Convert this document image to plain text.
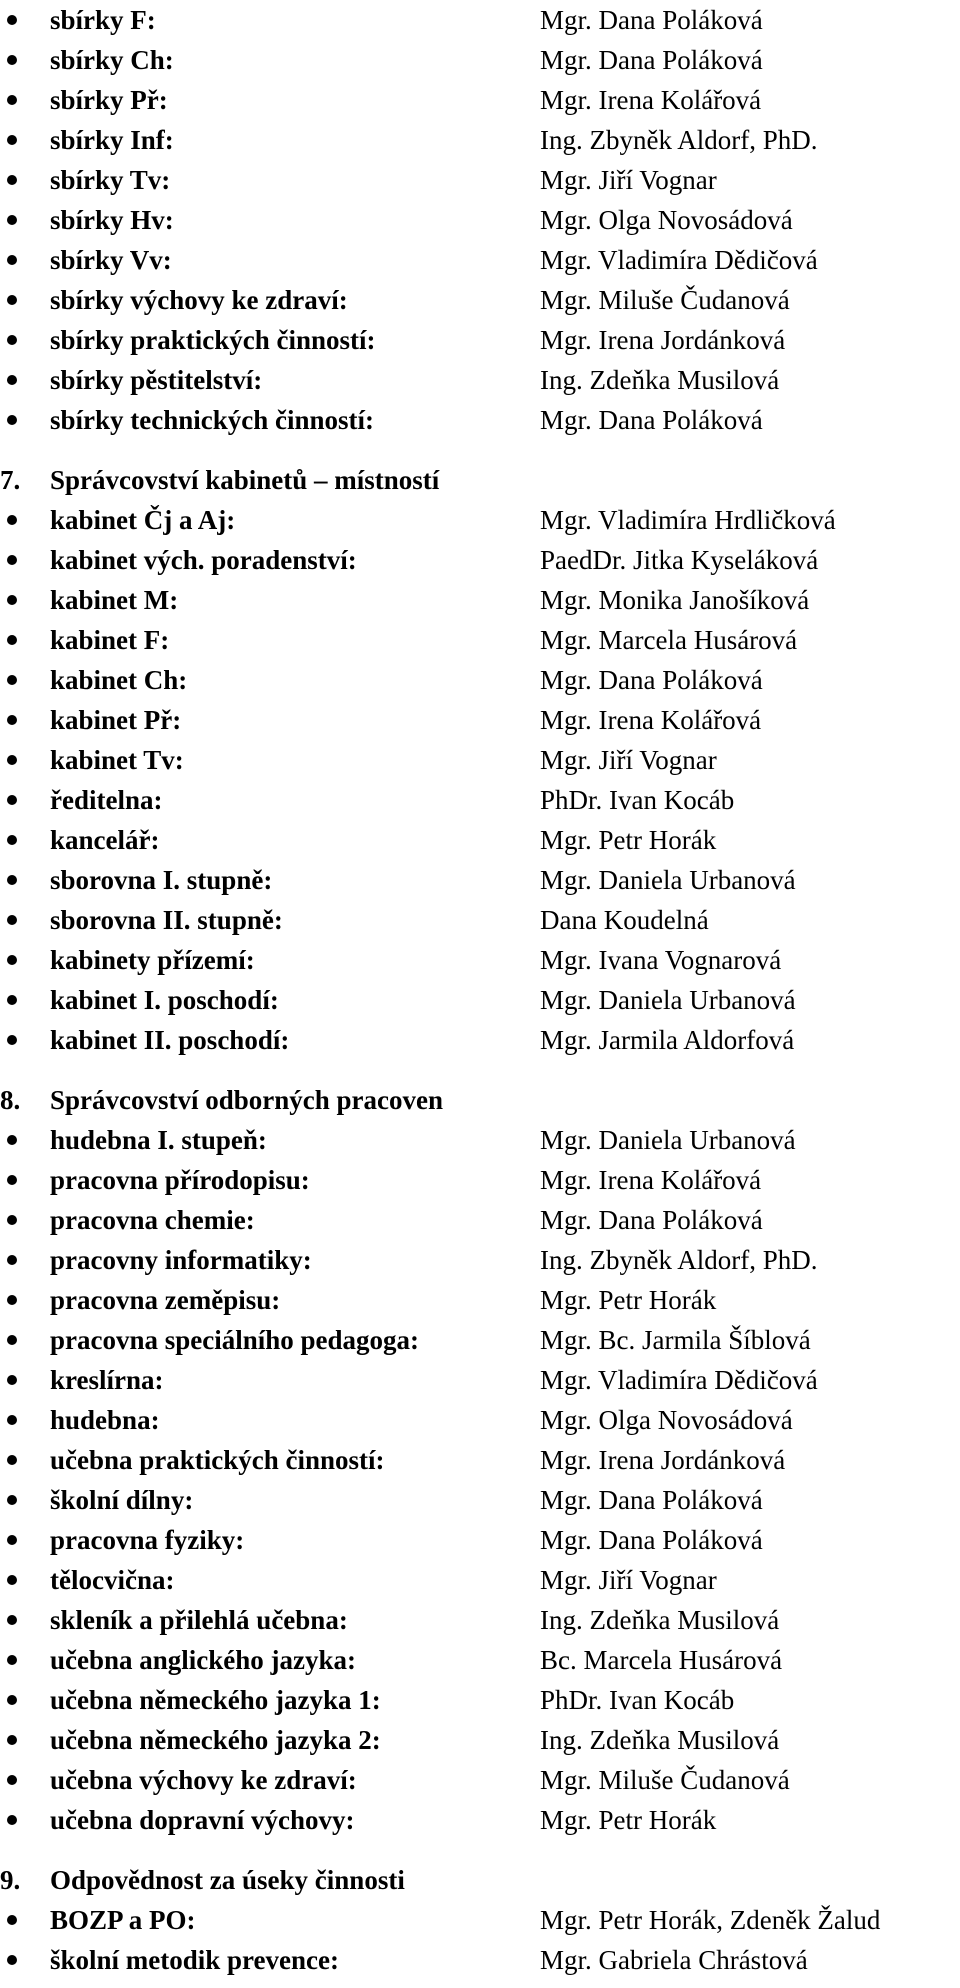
sbírky F:	Mgr. Dana Poláková
sbírky Ch:	Mgr. Dana Poláková
sbírky Př:	Mgr. Irena Kolářová
sbírky Inf:	Ing. Zbyněk Aldorf, PhD.
sbírky Tv:	Mgr. Jiří Vognar
sbírky Hv:	Mgr. Olga Novosádová
sbírky Vv:	Mgr. Vladimíra Dědičová
sbírky výchovy ke zdraví:	Mgr. Miluše Čudanová
sbírky praktických činností:	Mgr. Irena Jordánková
sbírky pěstitelství:	Ing. Zdeňka Musilová
sbírky technických činností:	Mgr. Dana Poláková
7. Správcovství kabinetů – místností
kabinet Čj a Aj:	Mgr. Vladimíra Hrdličková
kabinet vých. poradenství:	PaedDr. Jitka Kyseláková
kabinet M:	Mgr. Monika Janošíková
kabinet F:	Mgr. Marcela Husárová
kabinet Ch:	Mgr. Dana Poláková
kabinet Př:	Mgr. Irena Kolářová
kabinet Tv:	Mgr. Jiří Vognar
ředitelna:	PhDr. Ivan Kocáb
kancelář:	Mgr. Petr Horák
sborovna I. stupně:	Mgr. Daniela Urbanová
sborovna II. stupně:	Dana Koudelná
kabinety přízemí:	Mgr. Ivana Vognarová
kabinet I. poschodí:	Mgr. Daniela Urbanová
kabinet II. poschodí:	Mgr. Jarmila Aldorfová
8. Správcovství odborných pracoven
hudebna I. stupeň:	Mgr. Daniela Urbanová
pracovna přírodopisu:	Mgr. Irena Kolářová
pracovna chemie:	Mgr. Dana Poláková
pracovny informatiky:	Ing. Zbyněk Aldorf, PhD.
pracovna zeměpisu:	Mgr. Petr Horák
pracovna speciálního pedagoga:	Mgr. Bc. Jarmila Šíblová
kreslírna:	Mgr. Vladimíra Dědičová
hudebna:	Mgr. Olga Novosádová
učebna praktických činností:	Mgr. Irena Jordánková
školní dílny:	Mgr. Dana Poláková
pracovna fyziky:	Mgr. Dana Poláková
tělocvična:	Mgr. Jiří Vognar
skleník a přilehlá učebna:	Ing. Zdeňka Musilová
učebna anglického jazyka:	Bc. Marcela Husárová
učebna německého jazyka 1:	PhDr. Ivan Kocáb
učebna německého jazyka 2:	Ing. Zdeňka Musilová
učebna výchovy ke zdraví:	Mgr. Miluše Čudanová
učebna dopravní výchovy:	Mgr. Petr Horák
9. Odpovědnost za úseky činnosti
BOZP a PO:	Mgr. Petr Horák, Zdeněk Žalud
školní metodik prevence:	Mgr. Gabriela Chrástová
